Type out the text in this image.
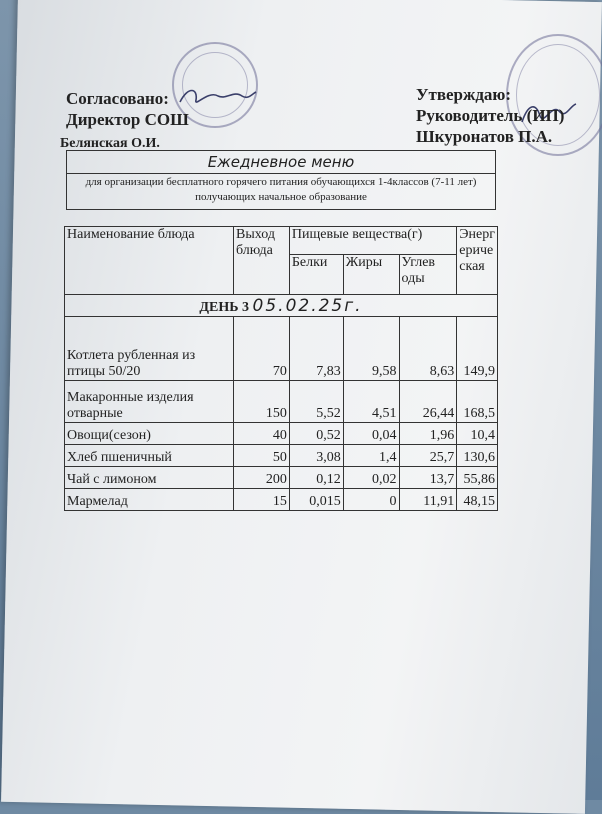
Согласовано:
Директор СОШ
Белянская О.И.
Утверждаю:
Руководитель (ИП)
Шкуронатов П.А.
Ежедневное меню
для организации бесплатного горячего питания обучающихся 1-4классов (7-11 лет)
получающих начальное образование
Наименование блюда	Выход блюда	Пищевые вещества(г)			Энерг ериче ская
		Белки	Жиры	Углев оды	
ДЕНЬ 3 05.02.25г.					
Котлета рубленная из птицы 50/20	70	7,83	9,58	8,63	149,9
Макаронные изделия отварные	150	5,52	4,51	26,44	168,5
Овощи(сезон)	40	0,52	0,04	1,96	10,4
Хлеб пшеничный	50	3,08	1,4	25,7	130,6
Чай с лимоном	200	0,12	0,02	13,7	55,86
Мармелад	15	0,015	0	11,91	48,15
